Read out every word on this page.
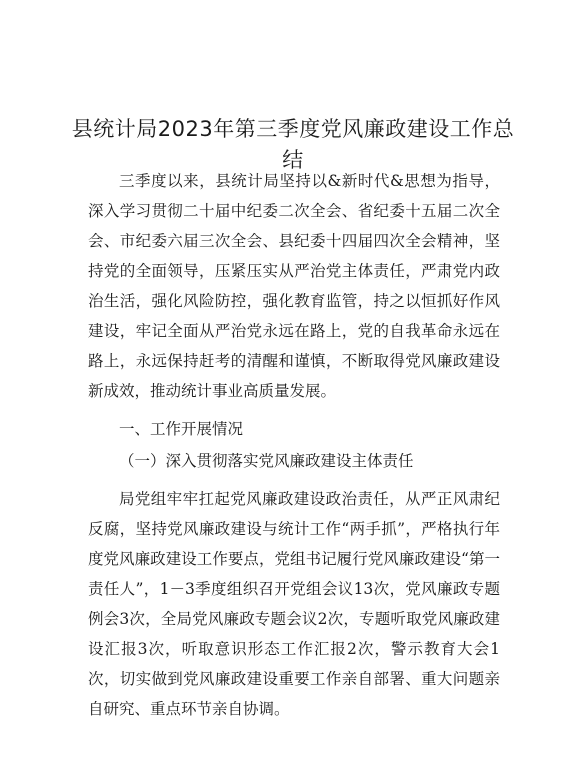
县统计局2023年第三季度党风廉政建设工作总结

三季度以来，县统计局坚持以&新时代&思想为指导，深入学习贯彻二十届中纪委二次全会、省纪委十五届二次全会、市纪委六届三次全会、县纪委十四届四次全会精神，坚持党的全面领导，压紧压实从严治党主体责任，严肃党内政治生活，强化风险防控，强化教育监管，持之以恒抓好作风建设，牢记全面从严治党永远在路上，党的自我革命永远在路上，永远保持赶考的清醒和谨慎，不断取得党风廉政建设新成效，推动统计事业高质量发展。

一、工作开展情况

（一）深入贯彻落实党风廉政建设主体责任

局党组牢牢扛起党风廉政建设政治责任，从严正风肃纪反腐，坚持党风廉政建设与统计工作“两手抓”，严格执行年度党风廉政建设工作要点，党组书记履行党风廉政建设“第一责任人”，1－3季度组织召开党组会议13次，党风廉政专题例会3次，全局党风廉政专题会议2次，专题听取党风廉政建设汇报3次，听取意识形态工作汇报2次，警示教育大会1次，切实做到党风廉政建设重要工作亲自部署、重大问题亲自研究、重点环节亲自协调。
